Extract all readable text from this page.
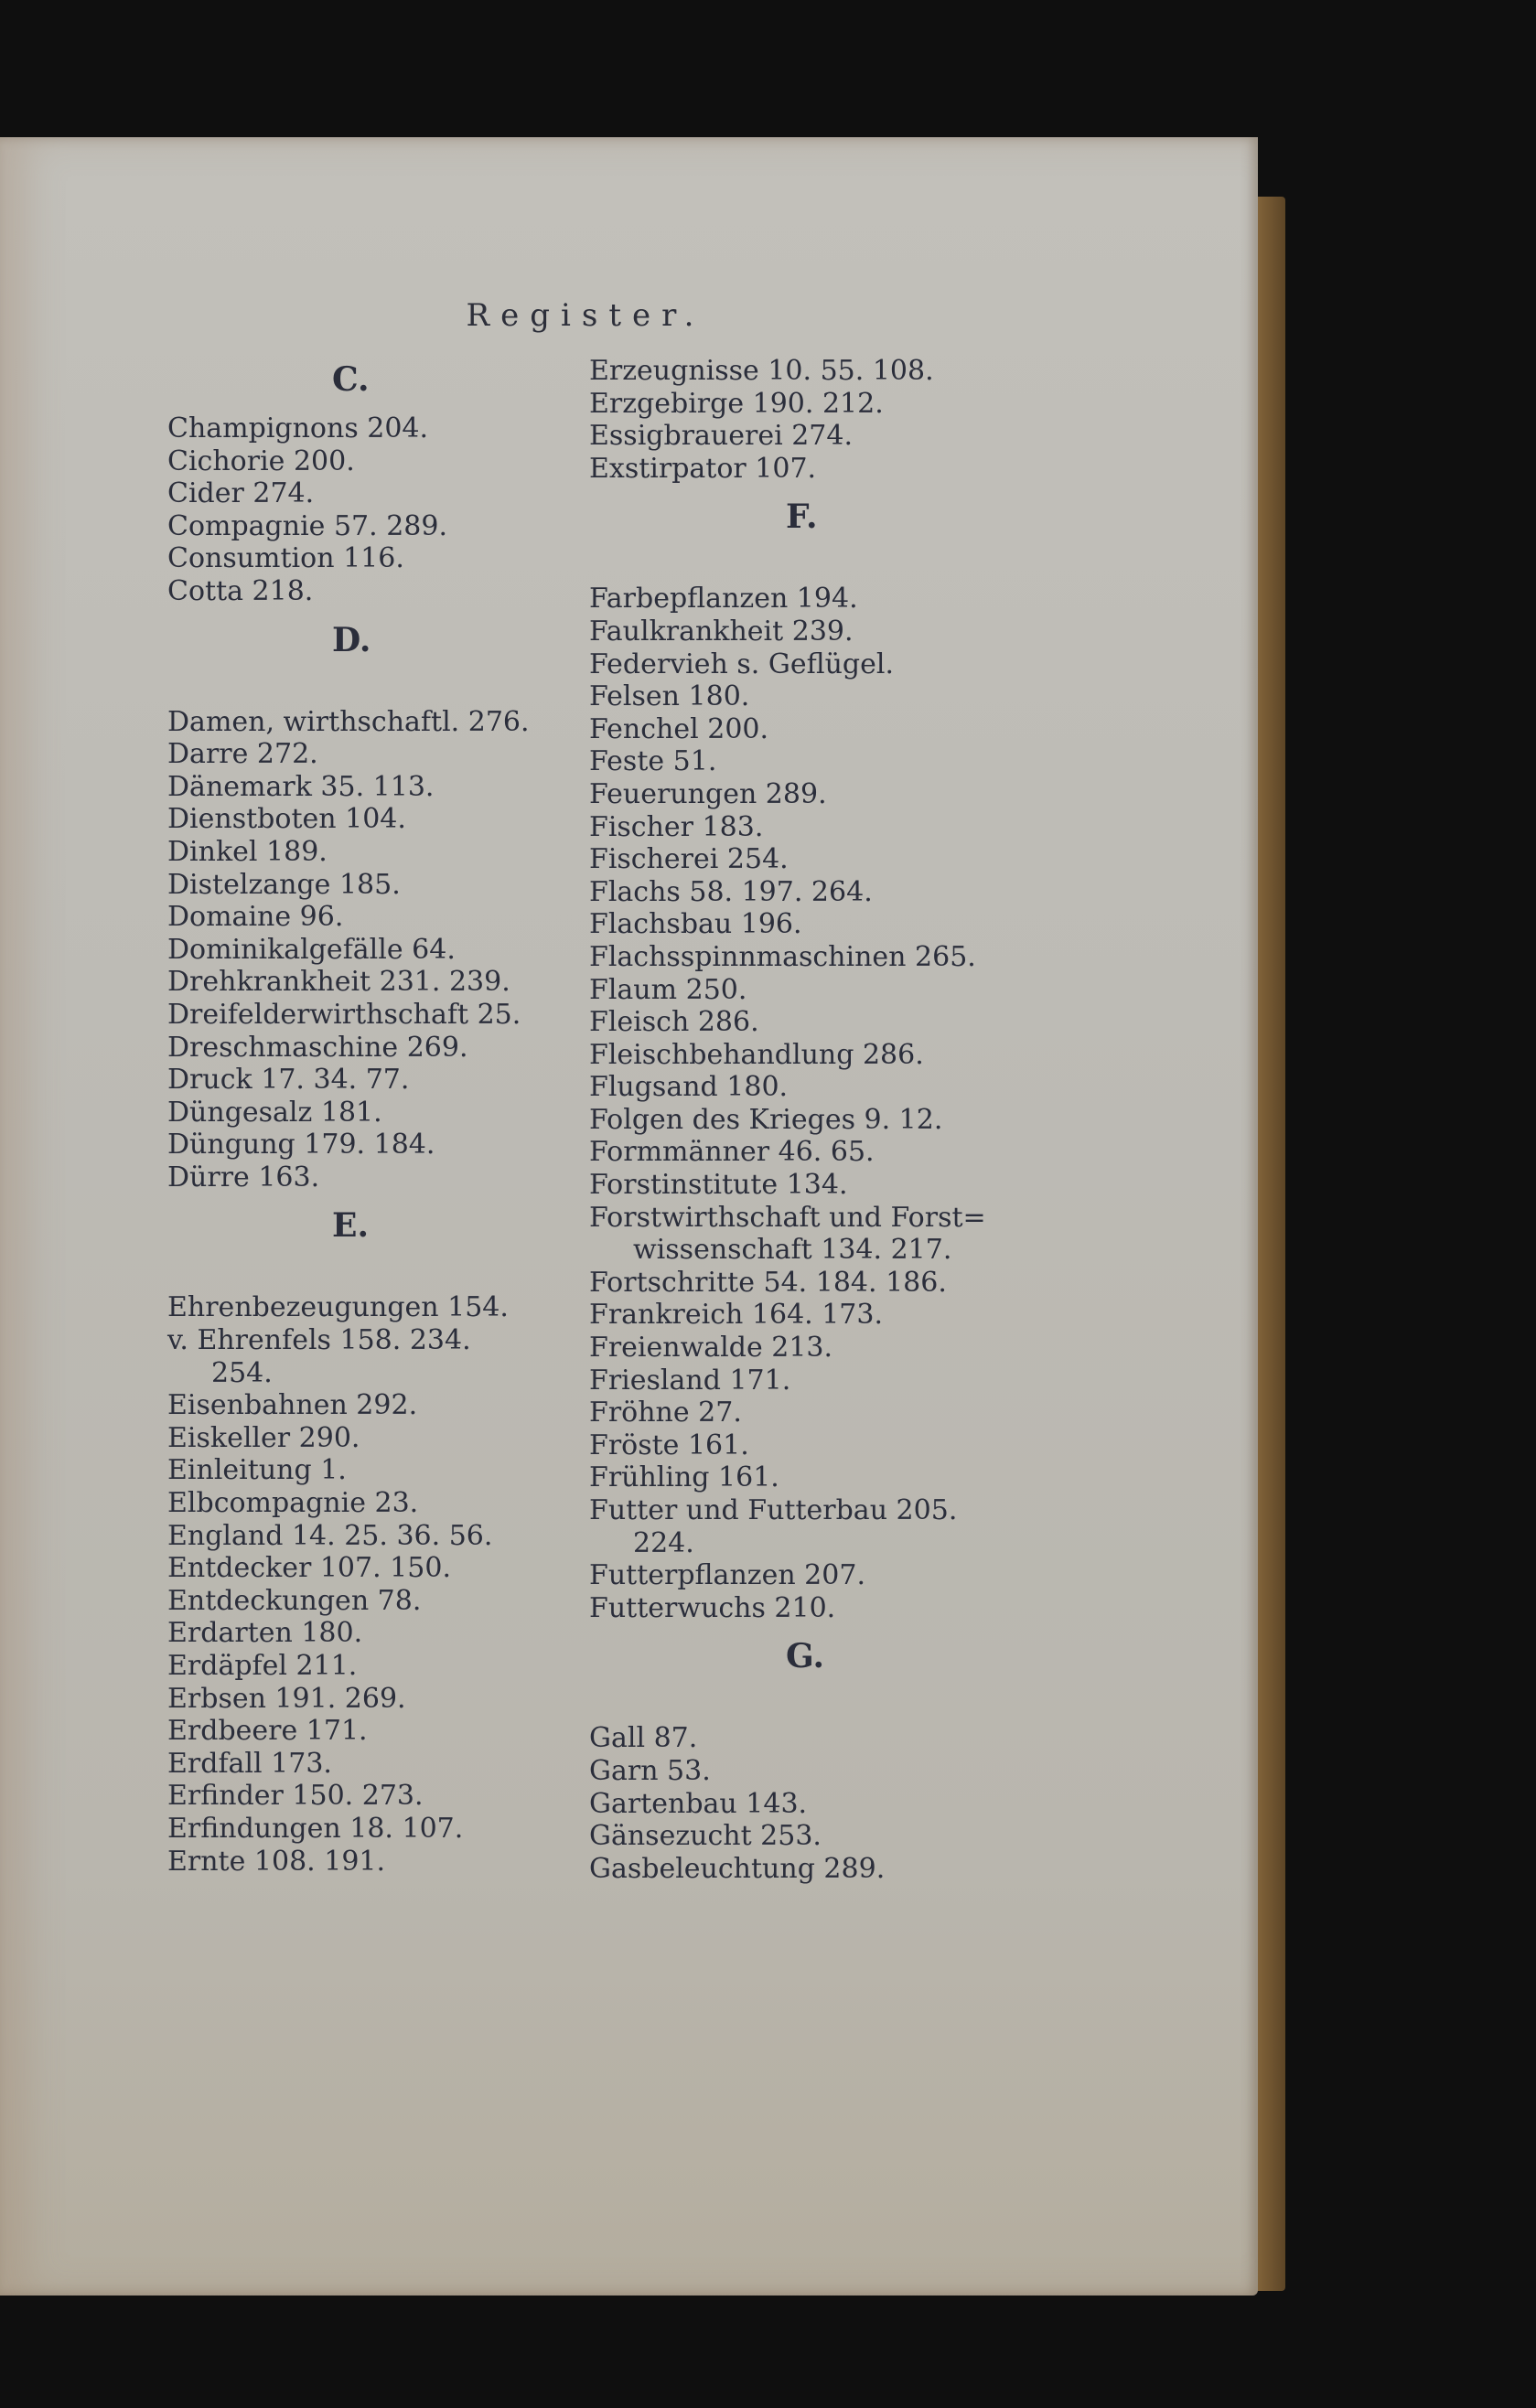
Register.
C.
Champignons 204.
Cichorie 200.
Cider 274.
Compagnie 57. 289.
Consumtion 116.
Cotta 218.
D.
Damen, wirthschaftl. 276.
Darre 272.
Dänemark 35. 113.
Dienstboten 104.
Dinkel 189.
Distelzange 185.
Domaine 96.
Dominikalgefälle 64.
Drehkrankheit 231. 239.
Dreifelderwirthschaft 25.
Dreschmaschine 269.
Druck 17. 34. 77.
Düngesalz 181.
Düngung 179. 184.
Dürre 163.
E.
Ehrenbezeugungen 154.
v. Ehrenfels 158. 234.
254.
Eisenbahnen 292.
Eiskeller 290.
Einleitung 1.
Elbcompagnie 23.
England 14. 25. 36. 56.
Entdecker 107. 150.
Entdeckungen 78.
Erdarten 180.
Erdäpfel 211.
Erbsen 191. 269.
Erdbeere 171.
Erdfall 173.
Erfinder 150. 273.
Erfindungen 18. 107.
Ernte 108. 191.
Erzeugnisse 10. 55. 108.
Erzgebirge 190. 212.
Essigbrauerei 274.
Exstirpator 107.
F.
Farbepflanzen 194.
Faulkrankheit 239.
Federvieh s. Geflügel.
Felsen 180.
Fenchel 200.
Feste 51.
Feuerungen 289.
Fischer 183.
Fischerei 254.
Flachs 58. 197. 264.
Flachsbau 196.
Flachsspinnmaschinen 265.
Flaum 250.
Fleisch 286.
Fleischbehandlung 286.
Flugsand 180.
Folgen des Krieges 9. 12.
Formmänner 46. 65.
Forstinstitute 134.
Forstwirthschaft und Forst=
wissenschaft 134. 217.
Fortschritte 54. 184. 186.
Frankreich 164. 173.
Freienwalde 213.
Friesland 171.
Fröhne 27.
Fröste 161.
Frühling 161.
Futter und Futterbau 205.
224.
Futterpflanzen 207.
Futterwuchs 210.
G.
Gall 87.
Garn 53.
Gartenbau 143.
Gänsezucht 253.
Gasbeleuchtung 289.
